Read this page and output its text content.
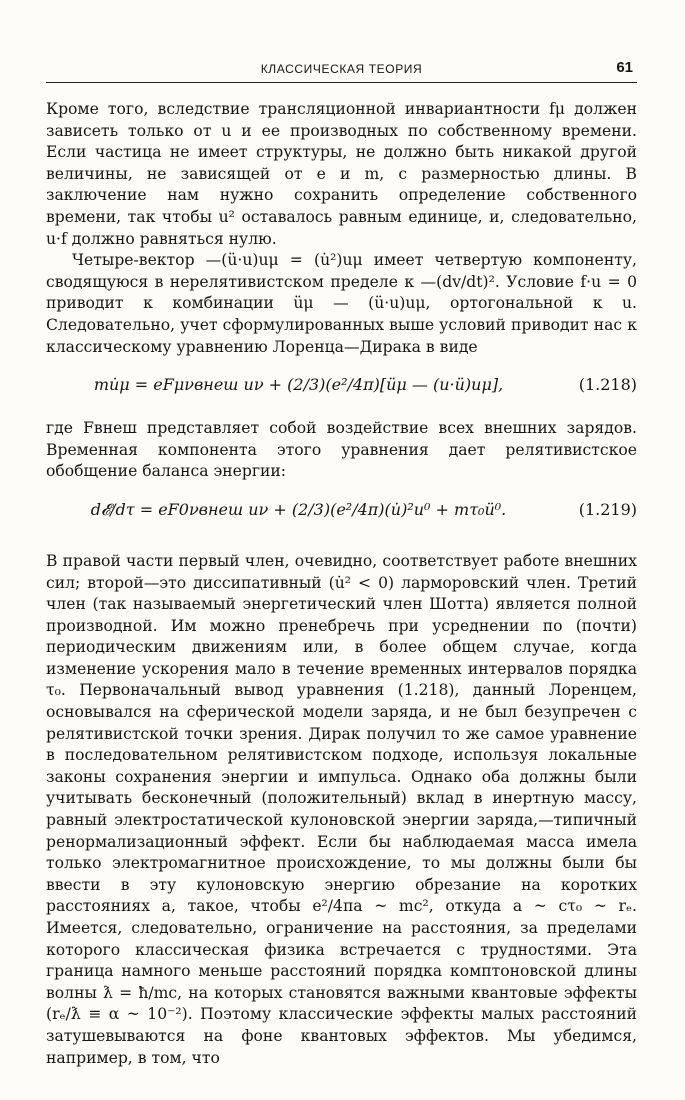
КЛАССИЧЕСКАЯ ТЕОРИЯ	61

Кроме того, вследствие трансляционной инвариантности fμ должен зависеть только от u и ее производных по собственному времени. Если частица не имеет структуры, не должно быть никакой другой величины, не зависящей от e и m, с размерностью длины. В заключение нам нужно сохранить определение собственного времени, так чтобы u² оставалось равным единице, и, следовательно, u·f должно равняться нулю.

Четыре-вектор —(ü·u)uμ = (u̇²)uμ имеет четвертую компоненту, сводящуюся в нерелятивистском пределе к —(dv/dt)². Условие f·u = 0 приводит к комбинации üμ — (ü·u)uμ, ортогональной к u. Следовательно, учет сформулированных выше условий приводит нас к классическому уравнению Лоренца—Дирака в виде

mu̇μ = eFμνвнеш uν + (2/3)(e²/4π)[üμ — (u·ü)uμ],	(1.218)

где Fвнеш представляет собой воздействие всех внешних зарядов. Временная компонента этого уравнения дает релятивистское обобщение баланса энергии:

d𝓔/dτ = eF0νвнеш uν + (2/3)(e²/4π)(u̇)²u⁰ + mτ₀ü⁰.	(1.219)

В правой части первый член, очевидно, соответствует работе внешних сил; второй—это диссипативный (u̇² < 0) ларморовский член. Третий член (так называемый энергетический член Шотта) является полной производной. Им можно пренебречь при усреднении по (почти) периодическим движениям или, в более общем случае, когда изменение ускорения мало в течение временных интервалов порядка τ₀. Первоначальный вывод уравнения (1.218), данный Лоренцем, основывался на сферической модели заряда, и не был безупречен с релятивистской точки зрения. Дирак получил то же самое уравнение в последовательном релятивистском подходе, используя локальные законы сохранения энергии и импульса. Однако оба должны были учитывать бесконечный (положительный) вклад в инертную массу, равный электростатической кулоновской энергии заряда,—типичный ренормализационный эффект. Если бы наблюдаемая масса имела только электромагнитное происхождение, то мы должны были бы ввести в эту кулоновскую энергию обрезание на коротких расстояниях a, такое, чтобы e²/4πa ~ mc², откуда a ~ cτ₀ ~ rₑ. Имеется, следовательно, ограничение на расстояния, за пределами которого классическая физика встречается с трудностями. Эта граница намного меньше расстояний порядка комптоновской длины волны ƛ = ħ/mc, на которых становятся важными квантовые эффекты (rₑ/ƛ ≡ α ~ 10⁻²). Поэтому классические эффекты малых расстояний затушевываются на фоне квантовых эффектов. Мы убедимся, например, в том, что
